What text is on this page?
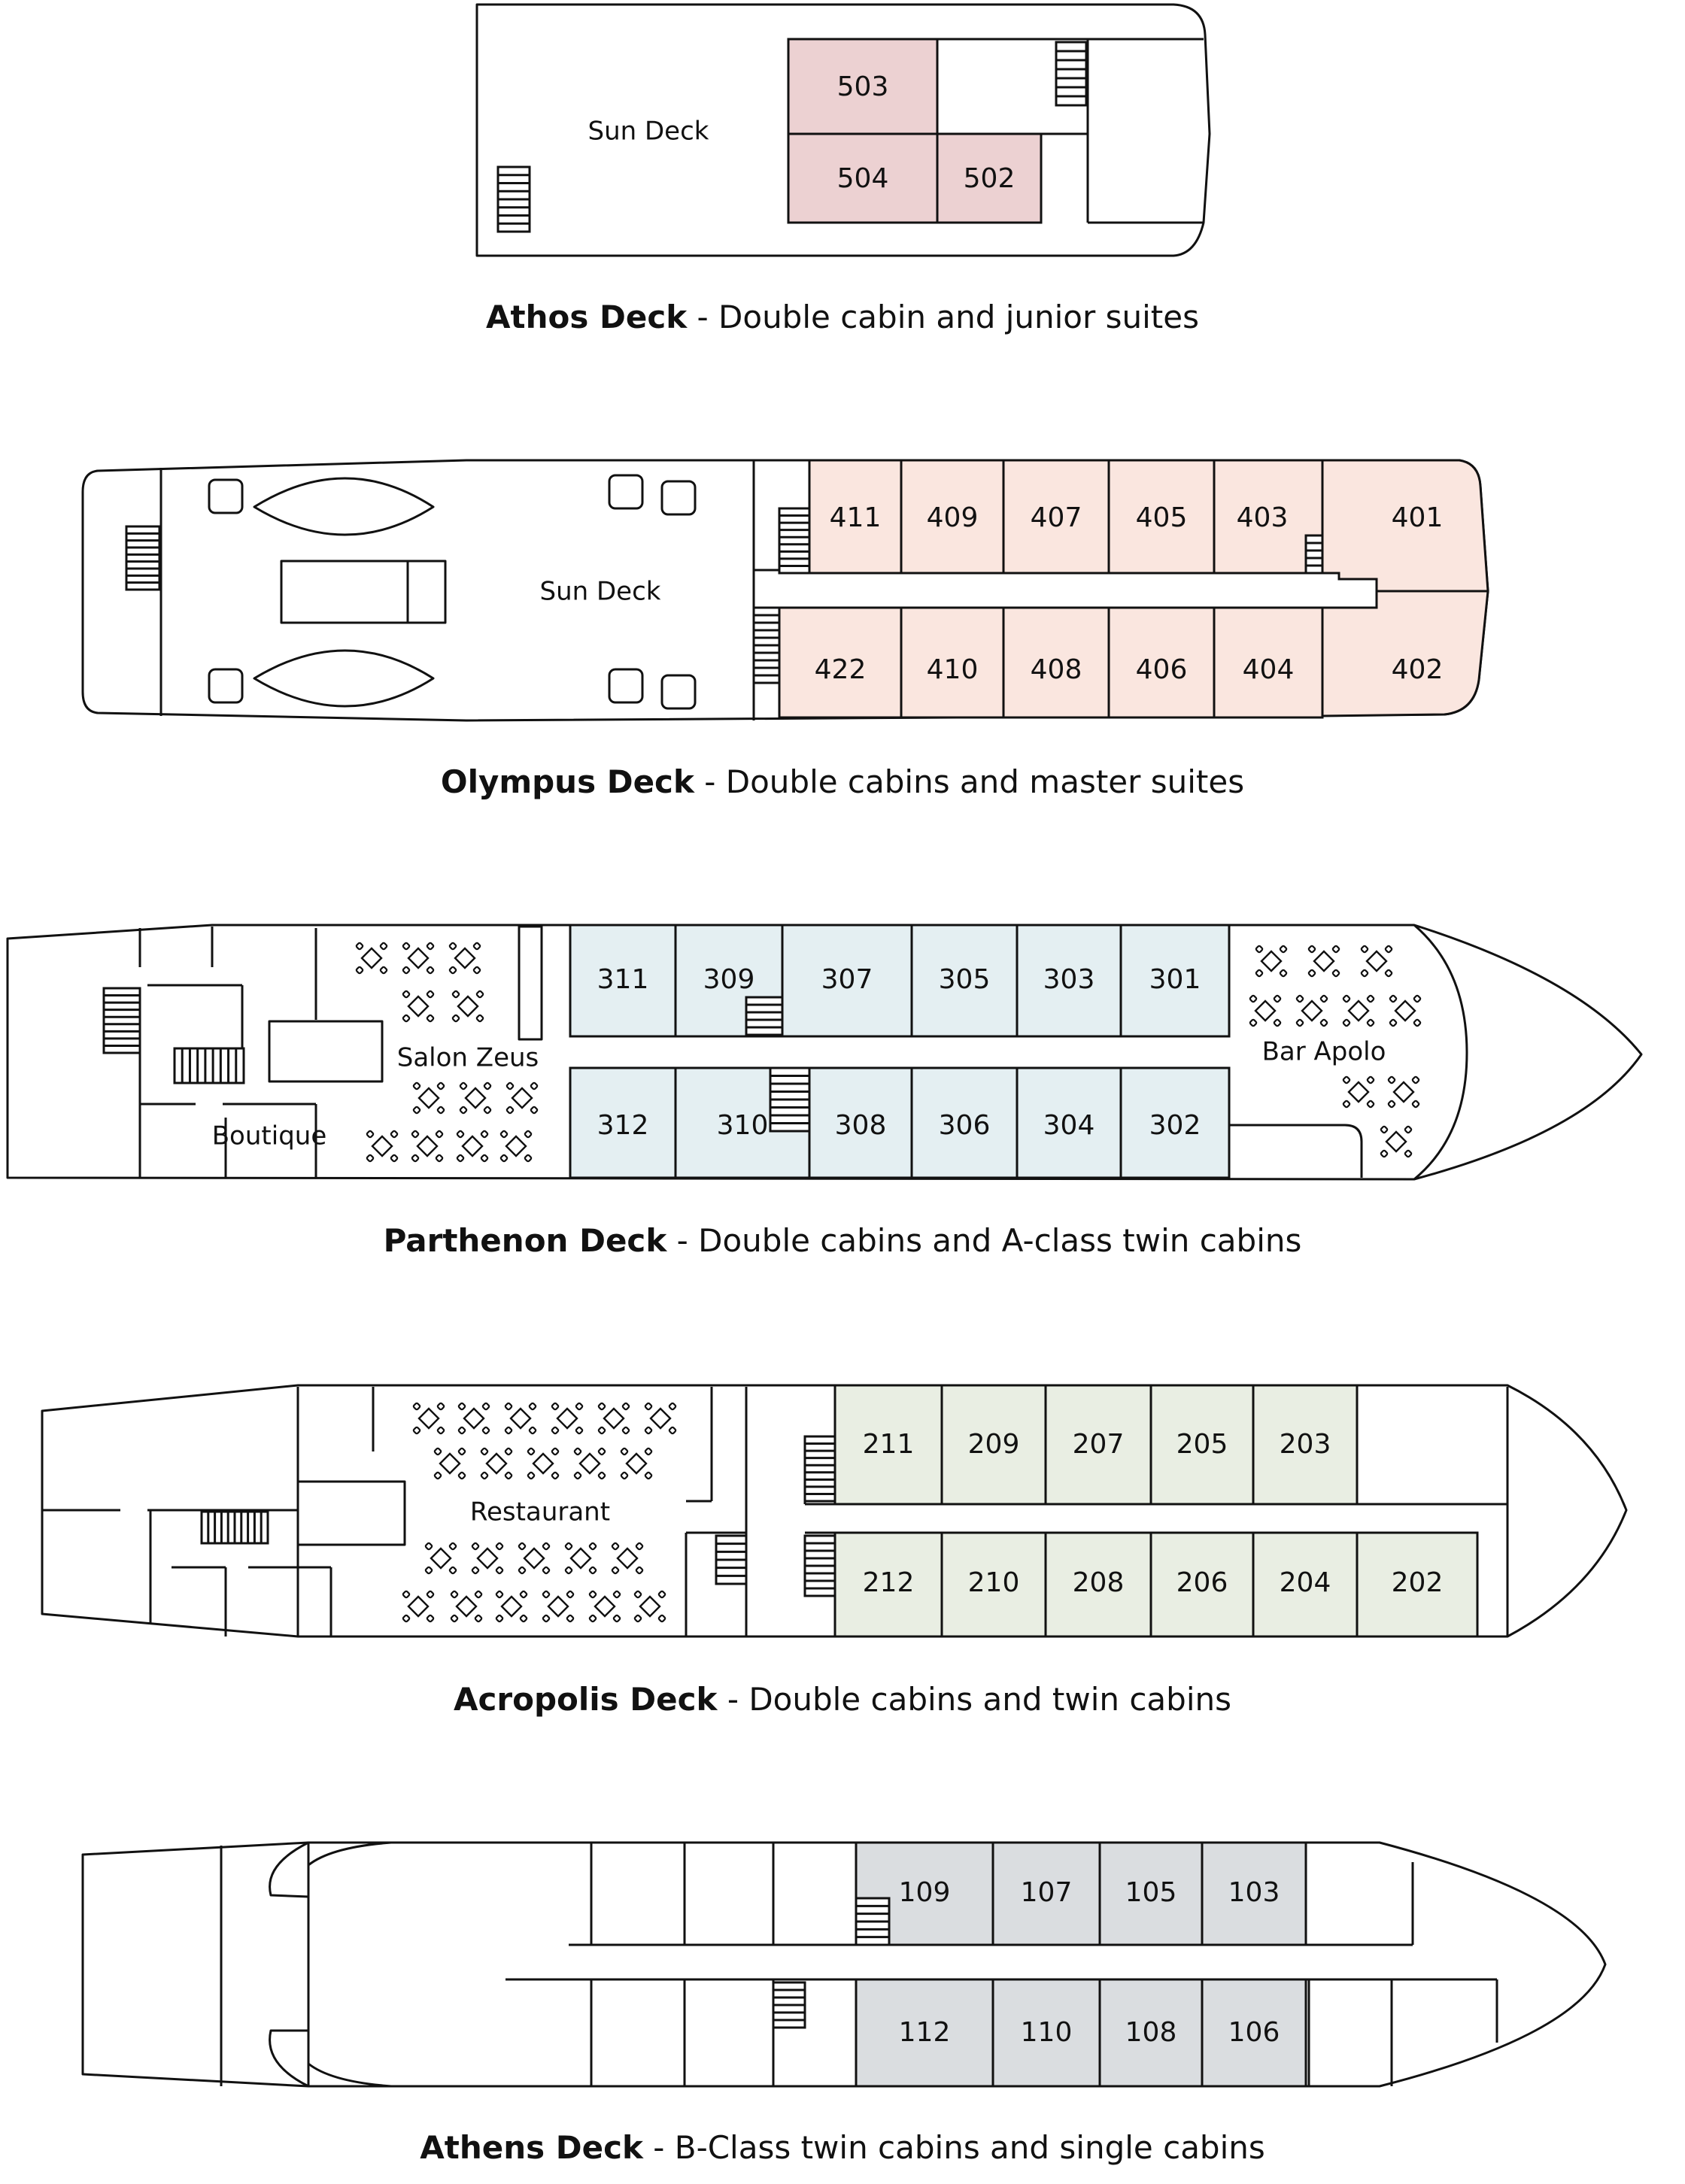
Sun Deck
503
504	502
Athos Deck - Double cabin and junior suites
Sun Deck
411 409 407 405 403	401
422 410 408 406 404	402
Olympus Deck - Double cabins and master suites
Boutique
Salon Zeus
311 309 307 305 303 301
312	310 308 306 304 302
Bar Apolo
Parthenon Deck - Double cabins and A-class twin cabins
Restaurant
211 209 207 205 203
212 210 208 206 204 202
Acropolis Deck - Double cabins and twin cabins
109	107 105 103
112	110 108 106
Athens Deck - B-Class twin cabins and single cabins
